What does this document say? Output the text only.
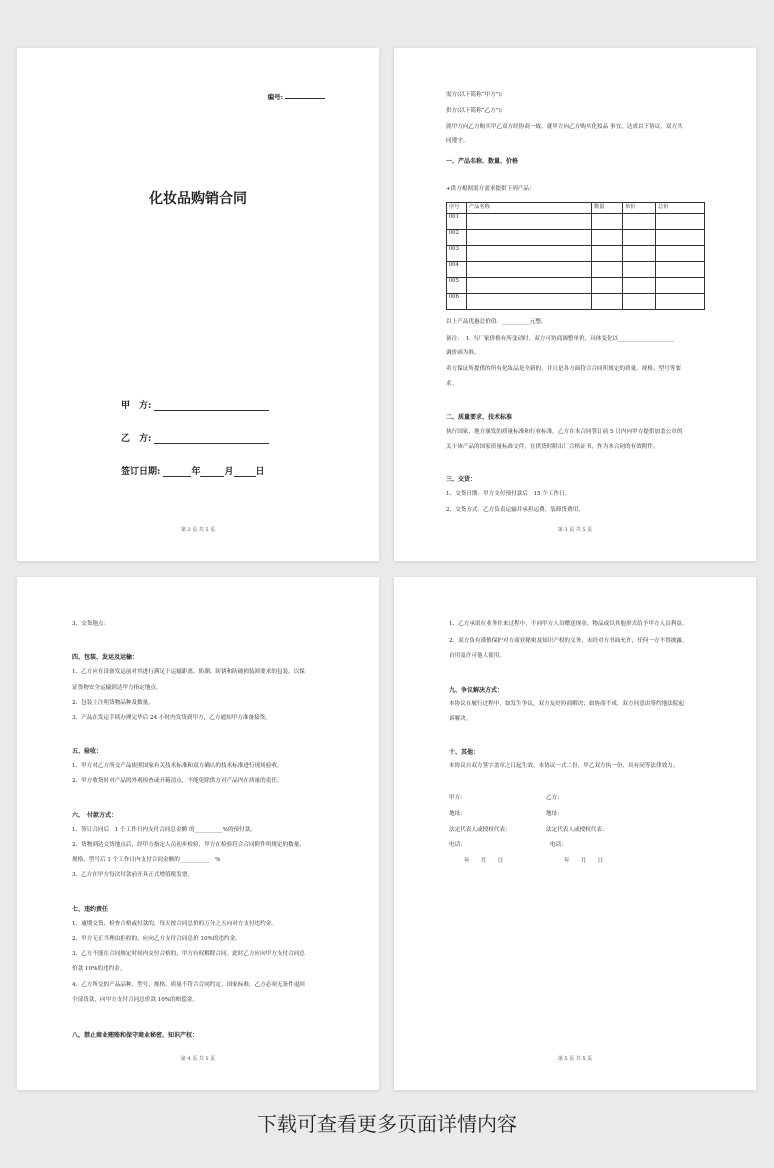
编号:
化妆品购销合同
甲　方:
乙　方:
签订日期:	年	月 日
第 2 页 共 5 页
需方(以下简称“甲方”):
供方(以下简称“乙方”):
就甲方向乙方购买甲乙双方经协商一致，就甲方向乙方购买化妆品 事宜，达成以下协议，双方共
同遵守。
一、产品名称、数量、价格
+供方根据需方需求提供下列产品：
序号	产品名称	数量	单价	总价
001				
002				
003				
004				
005				
006				
以上产品优惠总价值：__________元整。
备注：　1. 当厂家价格有所变动时，双方可协商调整单价，具体变化以____________________
调价函为准。
卖方保证所提供的所有化妆品是全新的，并且是各方面符合合同所规定的质量、规格、型号等要
求。
二、质量要求、技术标准
执行国家、地方颁发的质量标准和行业标准。乙方在本合同签订前 5 日内向甲方提供加盖公章的
关于该产品的国家质量标准文件，在供货时附出厂合格证书，作为本合同的有效附件。
三、交货：
1、交货日期：甲方支付预付款后　15 个工作日。
2、交货方式：乙方负责运输并承担运费、装卸货费用。
第 3 页 共 5 页
3、交货地点：
四、包装、发运及运输：
1、乙方应在设备发运前对其进行满足于运输距离、防潮、防锈和防破损装卸要求的包装，以保
证货物安全运输到达甲方指定地点。
2、包装上注明货物品种及数量。
3、产品在发运手续办理完毕后 24 小时内发货到甲方，乙方通知甲方准备接货。
五、验收：
1、甲方对乙方所交产品依照国家有关技术标准和双方确认的技术标准进行现场验收。
2、甲方收货时对产品的外观检查或开箱清点，不能免除供方对产品内在质量的责任。
六、　付款方式：
1、签订合同后　1 个工作日内支付合同总金额 的__________%的预付款。
2、货物到达交货地点后，经甲方指定人员初步检验，甲方在检验符合合同附件所规定的数量、
规格、型号后 1 个工作日内支付合同金额的 __________　%
3、乙方在甲方每次付款前开具正式增值税发票。
七、违约责任
1、逾期交货、检查合格或付款的，每天按合同总价的万分之五向对方支付违约金。
2、甲方无正当理由拒收的，应向乙方支付合同总价 10%的违约金。
3、乙方不能在合同规定时间内交付合格的，甲方有权解除合同。此时乙方应向甲方支付合同总
价款 10%的违约金。
4、乙方所交的产品品种、型号、规格、质量不符合合同约定、国家标准，乙方必须无条件退回
全部货款，向甲方支付合同总价款 10%的赔偿金。
八、禁止商业贿赂和保守商业秘密、知识产权：
第 4 页 共 5 页
1、乙方承诺在业务往来过程中，不向甲方人员赠送现金、物品或以其他形式给予甲方人员利益。
2、双方负有谨慎保护对方商业秘密及知识产权的义务，未经对方书面允许，任何一方不得披露、
自用及许可他人使用。
九、争议解决方式：
本协议在履行过程中，如发生争议，双方友好协商解决；如协商不成，双方同意由签约地法院起
诉解决。
十、其他：
本协议自双方签字盖章之日起生效。本协议一式二份，甲乙双方执一份，具有同等法律效力。
甲方：	乙方：
地址：	地址：
法定代表人或授权代表：	法定代表人或授权代表：
电话：	电话：
年　　月　　日	年　　月　　日
第 5 页 共 5 页
下载可查看更多页面详情内容
